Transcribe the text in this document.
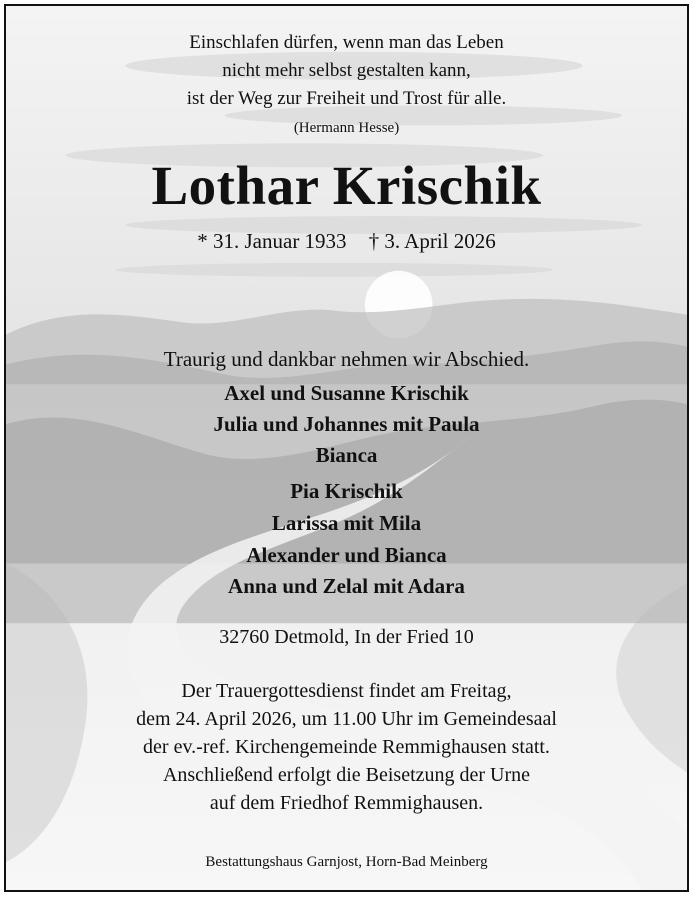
Einschlafen dürfen, wenn man das Leben
nicht mehr selbst gestalten kann,
ist der Weg zur Freiheit und Trost für alle.
(Hermann Hesse)
Lothar Krischik
* 31. Januar 1933 † 3. April 2026
Traurig und dankbar nehmen wir Abschied.
Axel und Susanne Krischik
Julia und Johannes mit Paula
Bianca
Pia Krischik
Larissa mit Mila
Alexander und Bianca
Anna und Zelal mit Adara
32760 Detmold, In der Fried 10
Der Trauergottesdienst findet am Freitag,
dem 24. April 2026, um 11.00 Uhr im Gemeindesaal
der ev.-ref. Kirchengemeinde Remmighausen statt.
Anschließend erfolgt die Beisetzung der Urne
auf dem Friedhof Remmighausen.
Bestattungshaus Garnjost, Horn-Bad Meinberg
